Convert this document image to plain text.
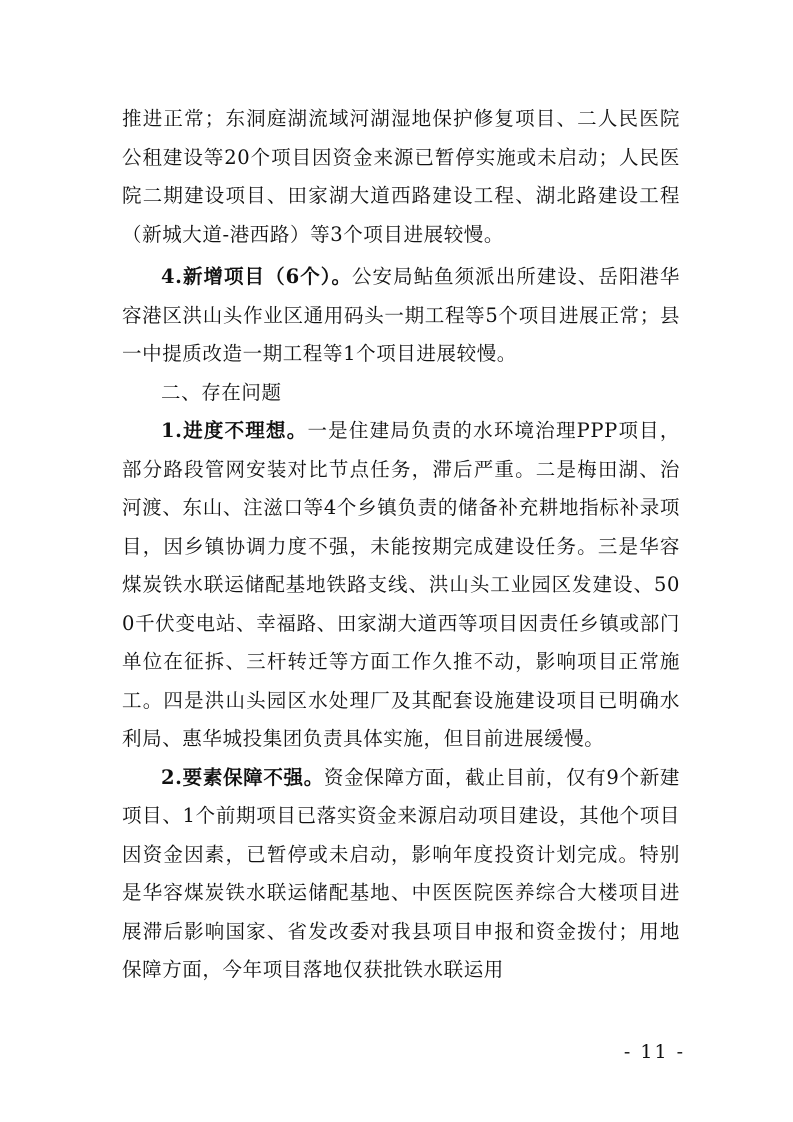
推进正常；东洞庭湖流域河湖湿地保护修复项目、二人民医院公租建设等20个项目因资金来源已暂停实施或未启动；人民医院二期建设项目、田家湖大道西路建设工程、湖北路建设工程（新城大道-港西路）等3个项目进展较慢。

4.新增项目（6个）。公安局鲇鱼须派出所建设、岳阳港华容港区洪山头作业区通用码头一期工程等5个项目进展正常；县一中提质改造一期工程等1个项目进展较慢。

二、存在问题

1.进度不理想。一是住建局负责的水环境治理PPP项目，部分路段管网安装对比节点任务，滞后严重。二是梅田湖、治河渡、东山、注滋口等4个乡镇负责的储备补充耕地指标补录项目，因乡镇协调力度不强，未能按期完成建设任务。三是华容煤炭铁水联运储配基地铁路支线、洪山头工业园区发建设、500千伏变电站、幸福路、田家湖大道西等项目因责任乡镇或部门单位在征拆、三杆转迁等方面工作久推不动，影响项目正常施工。四是洪山头园区水处理厂及其配套设施建设项目已明确水利局、惠华城投集团负责具体实施，但目前进展缓慢。

2.要素保障不强。资金保障方面，截止目前，仅有9个新建项目、1个前期项目已落实资金来源启动项目建设，其他个项目因资金因素，已暂停或未启动，影响年度投资计划完成。特别是华容煤炭铁水联运储配基地、中医医院医养综合大楼项目进展滞后影响国家、省发改委对我县项目申报和资金拨付；用地保障方面，今年项目落地仅获批铁水联运用

- 11 -
